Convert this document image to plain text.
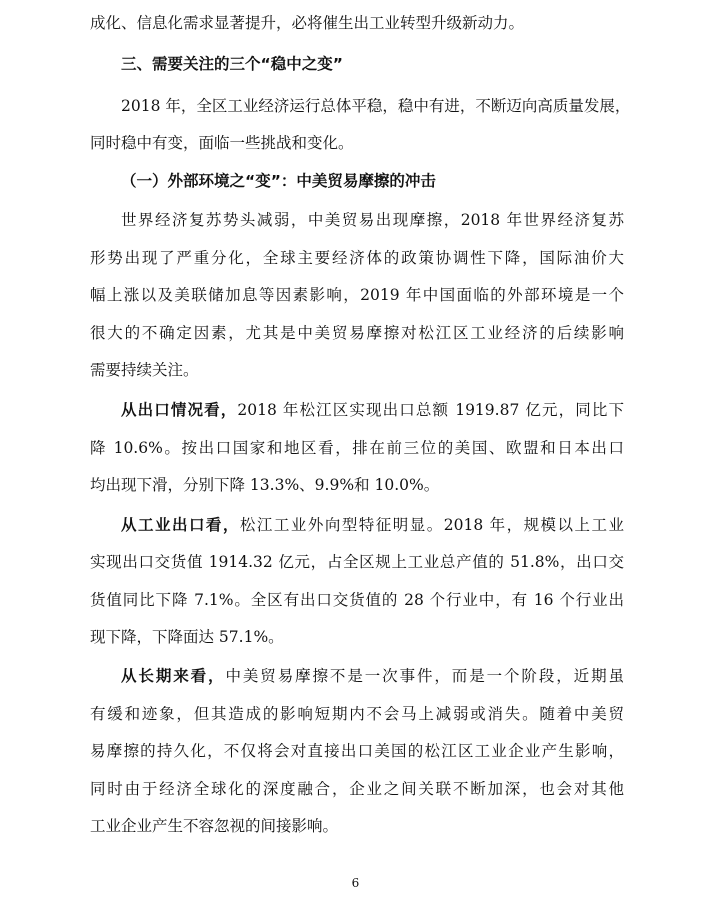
成化、信息化需求显著提升，必将催生出工业转型升级新动力。
三、需要关注的三个“稳中之变”
2018 年，全区工业经济运行总体平稳，稳中有进，不断迈向高质量发展，
同时稳中有变，面临一些挑战和变化。
（一）外部环境之“变”：中美贸易摩擦的冲击
世界经济复苏势头减弱，中美贸易出现摩擦，2018 年世界经济复苏
形势出现了严重分化，全球主要经济体的政策协调性下降，国际油价大
幅上涨以及美联储加息等因素影响，2019 年中国面临的外部环境是一个
很大的不确定因素，尤其是中美贸易摩擦对松江区工业经济的后续影响
需要持续关注。
从出口情况看，2018 年松江区实现出口总额 1919.87 亿元，同比下
降 10.6%。按出口国家和地区看，排在前三位的美国、欧盟和日本出口
均出现下滑，分别下降 13.3%、9.9%和 10.0%。
从工业出口看，松江工业外向型特征明显。2018 年，规模以上工业
实现出口交货值 1914.32 亿元，占全区规上工业总产值的 51.8%，出口交
货值同比下降 7.1%。全区有出口交货值的 28 个行业中，有 16 个行业出
现下降，下降面达 57.1%。
从长期来看，中美贸易摩擦不是一次事件，而是一个阶段，近期虽
有缓和迹象，但其造成的影响短期内不会马上减弱或消失。随着中美贸
易摩擦的持久化，不仅将会对直接出口美国的松江区工业企业产生影响，
同时由于经济全球化的深度融合，企业之间关联不断加深，也会对其他
工业企业产生不容忽视的间接影响。
6
